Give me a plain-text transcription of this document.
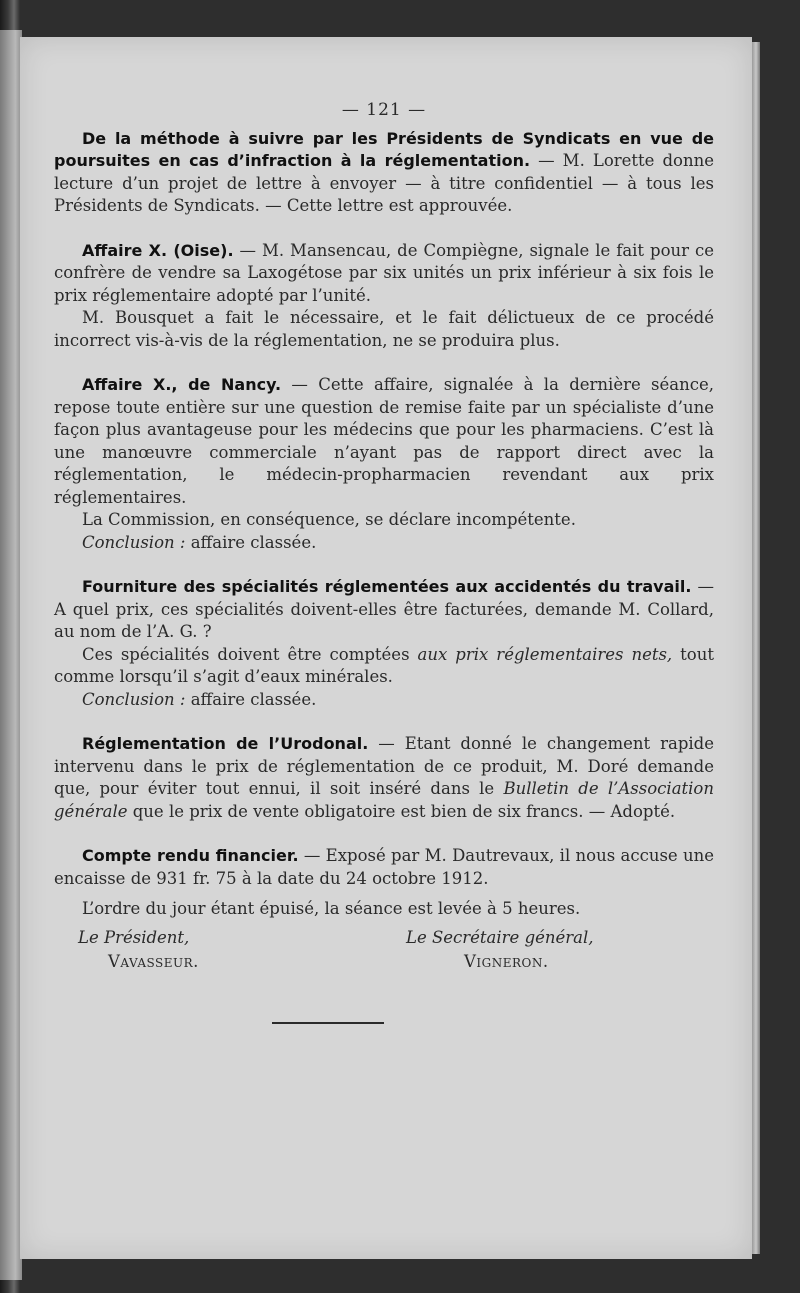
— 121 —
De la méthode à suivre par les Présidents de Syndicats en vue de poursuites en cas d’infraction à la réglementation. — M. Lorette donne lecture d’un projet de lettre à envoyer — à titre confidentiel — à tous les Présidents de Syndicats. — Cette lettre est approuvée.

Affaire X. (Oise). — M. Mansencau, de Compiègne, signale le fait pour ce confrère de vendre sa Laxogétose par six unités un prix inférieur à six fois le prix réglementaire adopté par l’unité.

M. Bousquet a fait le nécessaire, et le fait délictueux de ce procédé incorrect vis-à-vis de la réglementation, ne se produira plus.

Affaire X., de Nancy. — Cette affaire, signalée à la dernière séance, repose toute entière sur une question de remise faite par un spécialiste d’une façon plus avantageuse pour les médecins que pour les pharmaciens. C’est là une manœuvre commerciale n’ayant pas de rapport direct avec la réglementation, le médecin-propharmacien revendant aux prix réglementaires.

La Commission, en conséquence, se déclare incompétente.

Conclusion : affaire classée.

Fourniture des spécialités réglementées aux accidentés du travail. — A quel prix, ces spécialités doivent-elles être facturées, demande M. Collard, au nom de l’A. G. ?

Ces spécialités doivent être comptées aux prix réglementaires nets, tout comme lorsqu’il s’agit d’eaux minérales.

Conclusion : affaire classée.

Réglementation de l’Urodonal. — Etant donné le changement rapide intervenu dans le prix de réglementation de ce produit, M. Doré demande que, pour éviter tout ennui, il soit inséré dans le Bulletin de l’Association générale que le prix de vente obligatoire est bien de six francs. — Adopté.
Compte rendu financier. — Exposé par M. Dautrevaux, il nous accuse une encaisse de 931 fr. 75 à la date du 24 octobre 1912.

L’ordre du jour étant épuisé, la séance est levée à 5 heures.

Le Président,
Vavasseur.
Le Secrétaire général,
Vigneron.
